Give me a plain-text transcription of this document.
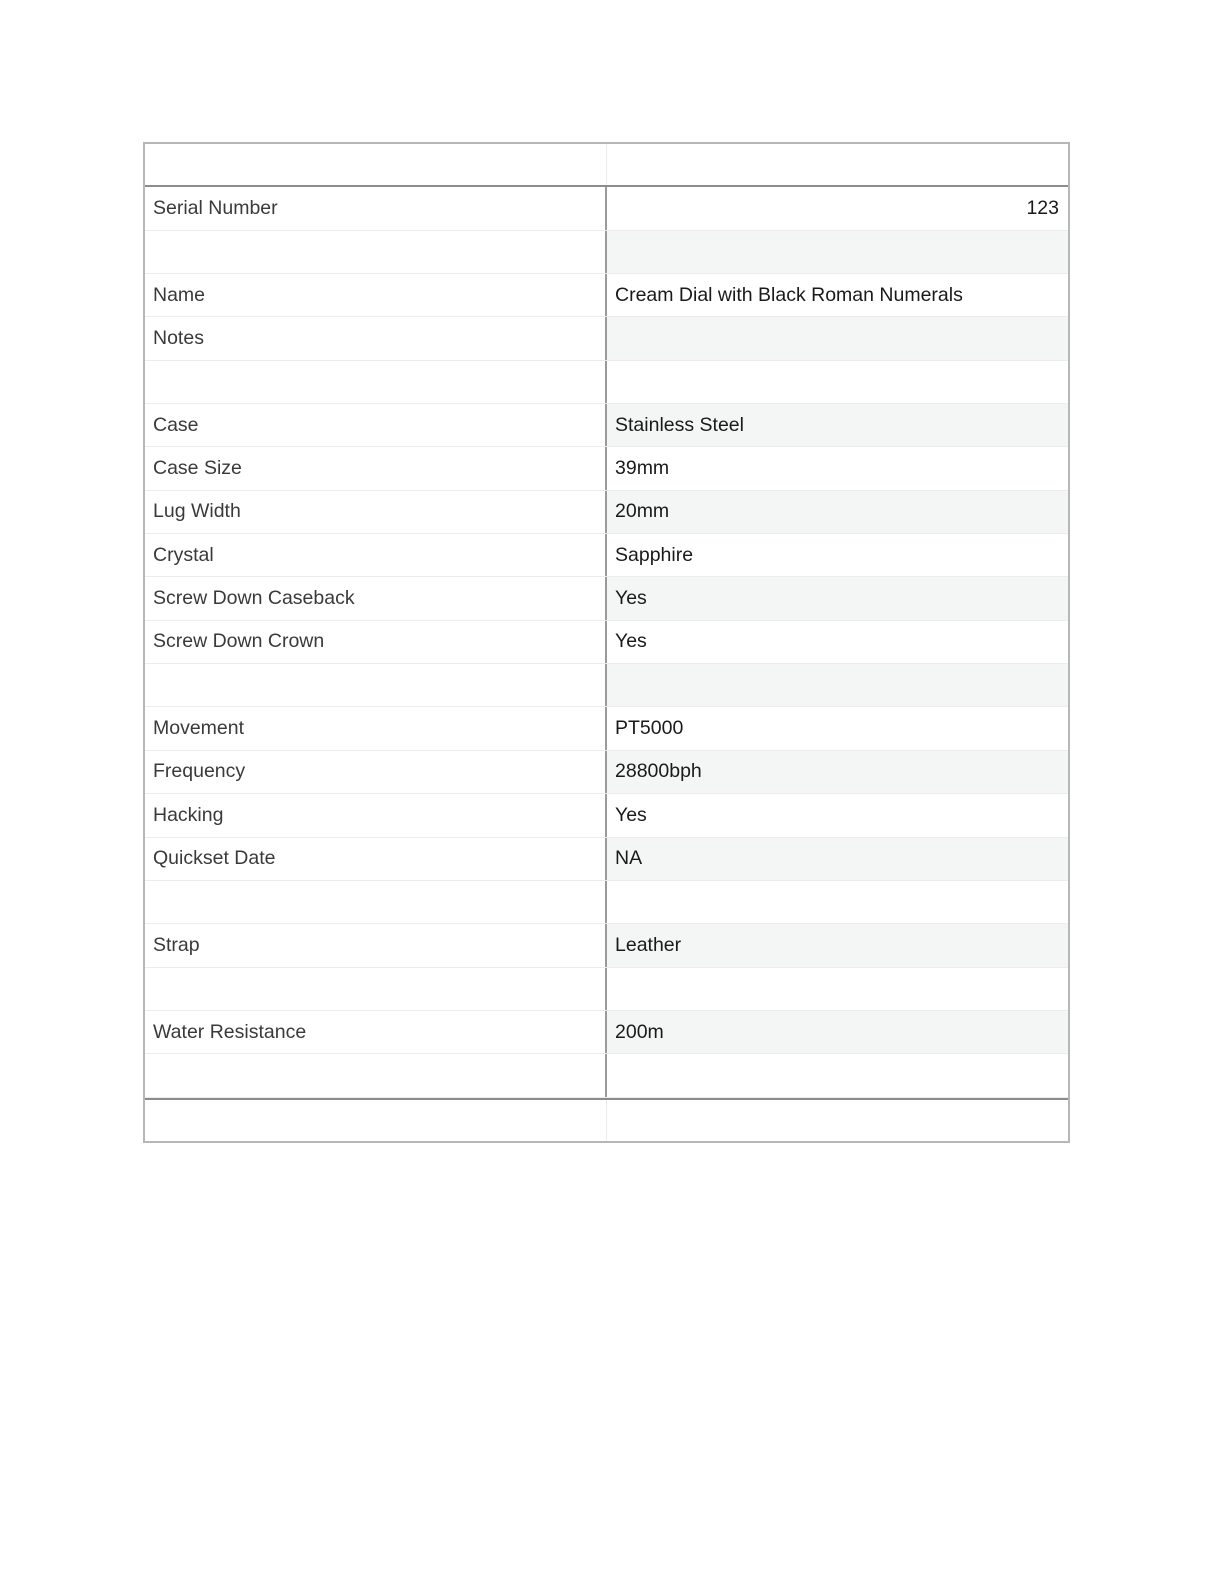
Serial Number	123
Name	Cream Dial with Black Roman Numerals
Notes
Case	Stainless Steel
Case Size	39mm
Lug Width	20mm
Crystal	Sapphire
Screw Down Caseback	Yes
Screw Down Crown	Yes
Movement	PT5000
Frequency	28800bph
Hacking	Yes
Quickset Date	NA
Strap	Leather
Water Resistance	200m
